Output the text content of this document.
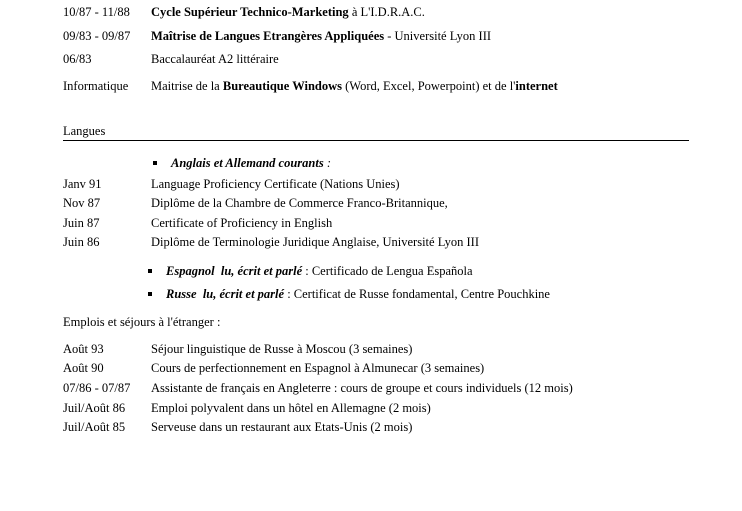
10/87 - 11/88 Cycle Supérieur Technico-Marketing à L'I.D.R.A.C.
09/83 - 09/87 Maîtrise de Langues Etrangères Appliquées - Université Lyon III
06/83	Baccalauréat A2 littéraire
Informatique Maitrise de la Bureautique Windows (Word, Excel, Powerpoint) et de l'internet
Langues
Anglais et Allemand courants :
Janv 91	Language Proficiency Certificate (Nations Unies)
Nov 87	Diplôme de la Chambre de Commerce Franco-Britannique,
Juin 87	Certificate of Proficiency in English
Juin 86	Diplôme de Terminologie Juridique Anglaise, Université Lyon III
Espagnol  lu, écrit et parlé : Certificado de Lengua Española
Russe  lu, écrit et parlé : Certificat de Russe fondamental, Centre Pouchkine
Emplois et séjours à l'étranger :
Août 93	Séjour linguistique de Russe à Moscou (3 semaines)
Août 90	Cours de perfectionnement en Espagnol à Almunecar (3 semaines)
07/86 - 07/87 Assistante de français en Angleterre : cours de groupe et cours individuels (12 mois)
Juil/Août 86 Emploi polyvalent dans un hôtel en Allemagne (2 mois)
Juil/Août 85 Serveuse dans un restaurant aux Etats-Unis (2 mois)
